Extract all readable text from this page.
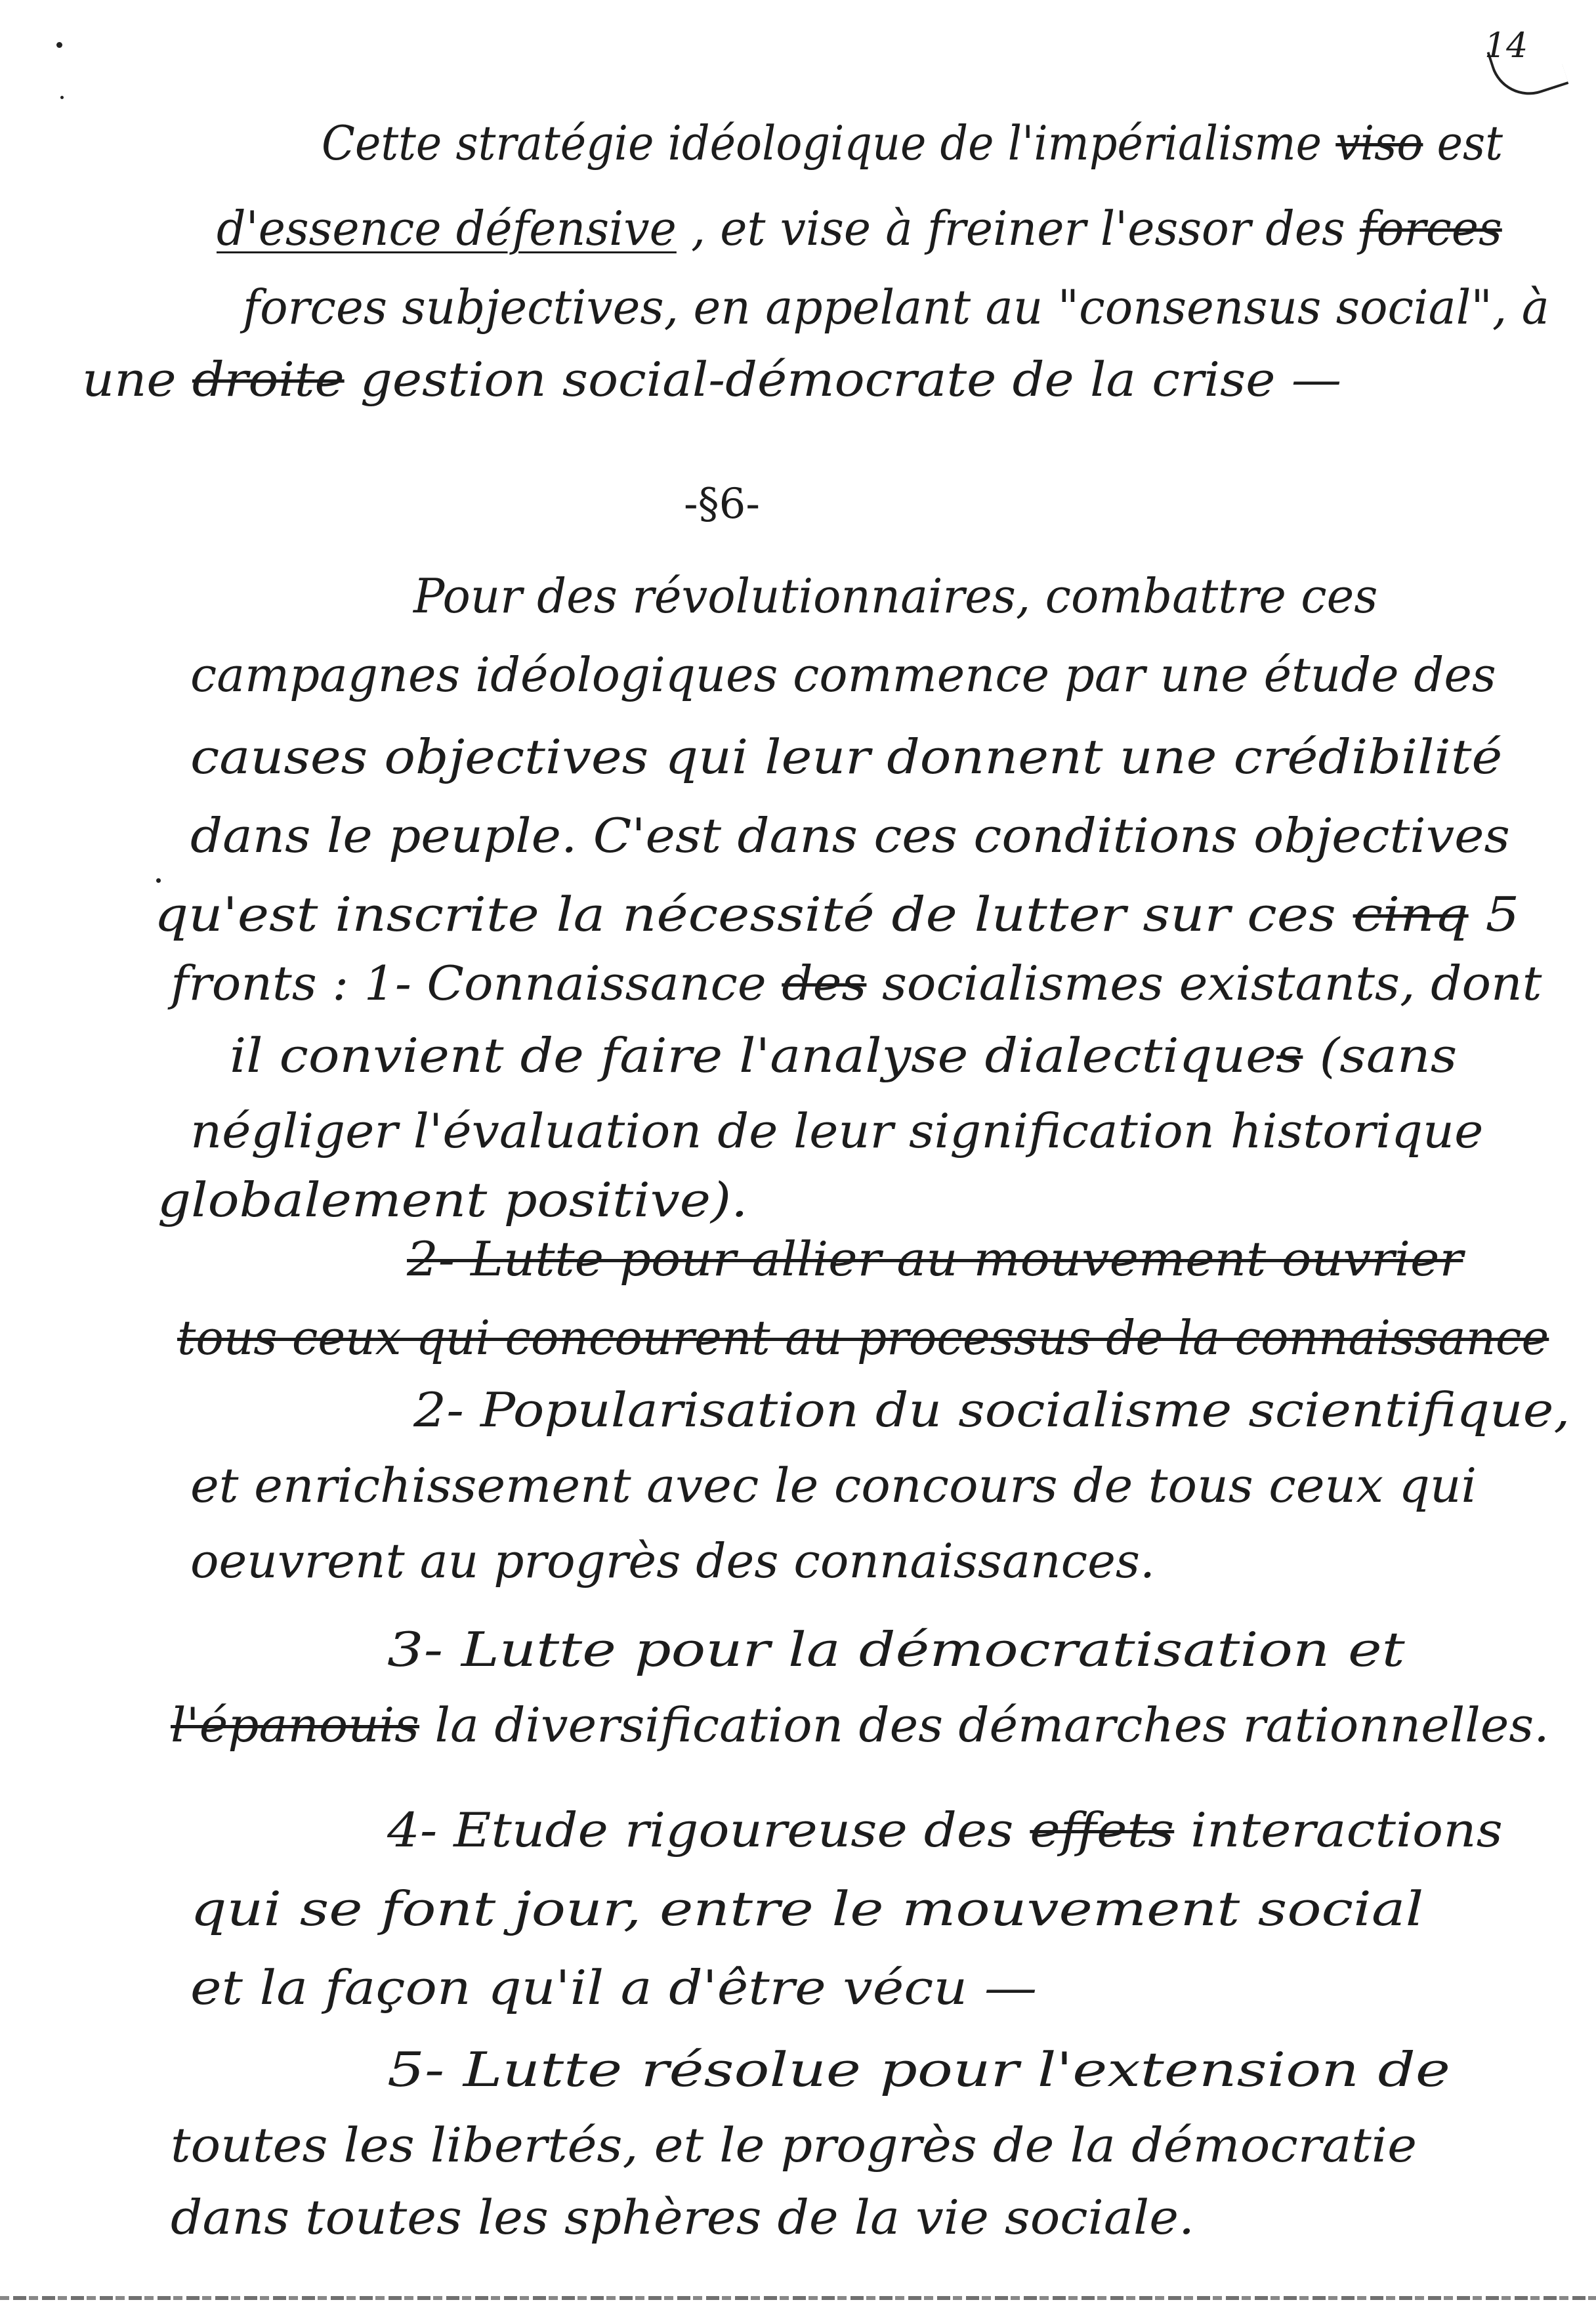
14
-§6-
Cette stratégie idéologique de l'impérialisme viso est
d'essence défensive , et vise à freiner l'essor des forces
forces subjectives, en appelant au "consensus social", à
une droite gestion social-démocrate de la crise —
Pour des révolutionnaires, combattre ces
campagnes idéologiques commence par une étude des
causes objectives qui leur donnent une crédibilité
dans le peuple. C'est dans ces conditions objectives
qu'est inscrite la nécessité de lutter sur ces cinq 5
fronts : 1- Connaissance des socialismes existants, dont
il convient de faire l'analyse dialectiques (sans
négliger l'évaluation de leur signification historique
globalement positive).
2- Lutte pour allier au mouvement ouvrier
tous ceux qui concourent au processus de la connaissance
2- Popularisation du socialisme scientifique,
et enrichissement avec le concours de tous ceux qui
oeuvrent au progrès des connaissances.
3- Lutte pour la démocratisation et
l'épanouis la diversification des démarches rationnelles.
4- Etude rigoureuse des effets interactions
qui se font jour, entre le mouvement social
et la façon qu'il a d'être vécu —
5- Lutte résolue pour l'extension de
toutes les libertés, et le progrès de la démocratie
dans toutes les sphères de la vie sociale.
